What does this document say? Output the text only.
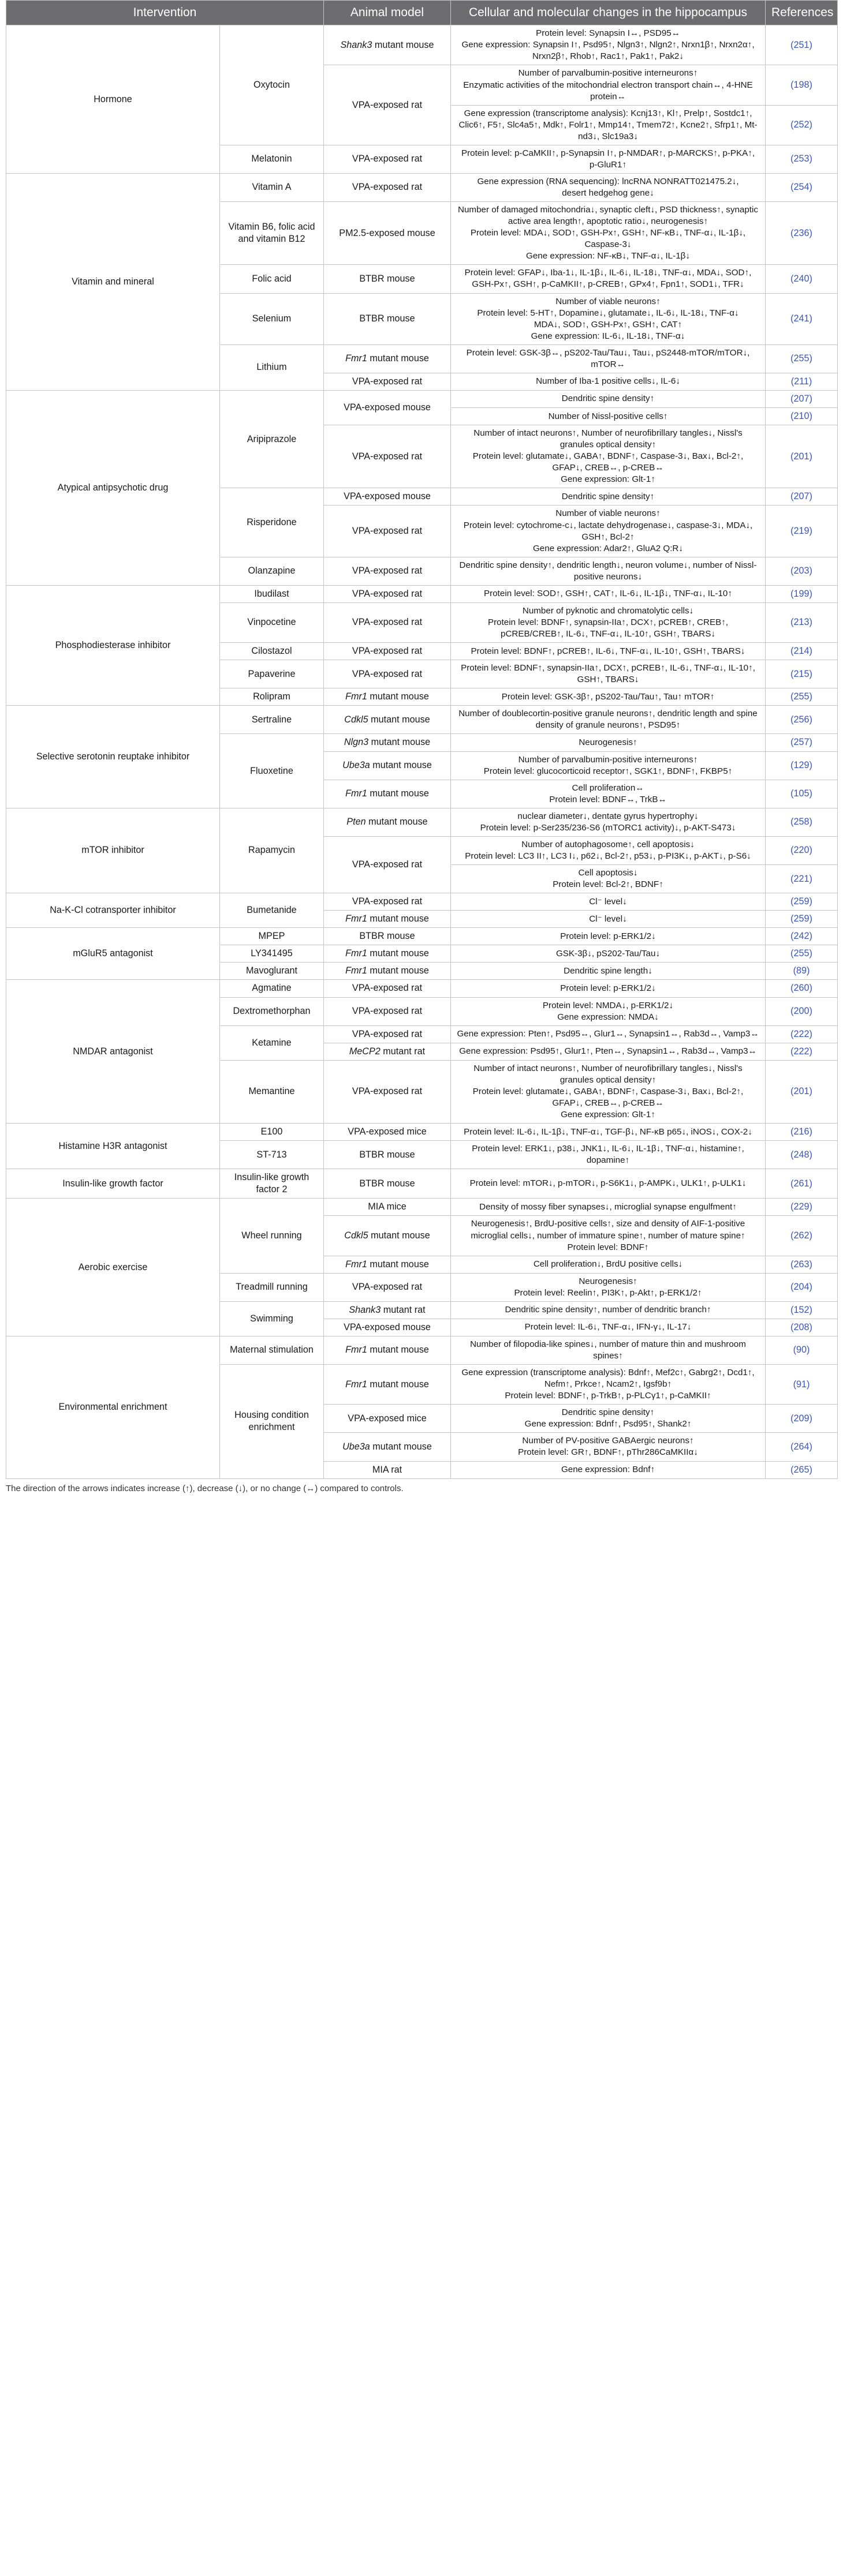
Intervention		Animal model	Cellular and molecular changes in the hippocampus	References
Hormone	Oxytocin	Shank3 mutant mouse	Protein level: Synapsin I↔, PSD95↔
Gene expression: Synapsin I↑, Psd95↑, Nlgn3↑, Nlgn2↑, Nrxn1β↑, Nrxn2α↑, Nrxn2β↑, Rhob↑, Rac1↑, Pak1↑, Pak2↓	(251)
		VPA-exposed rat	Number of parvalbumin-positive interneurons↑
Enzymatic activities of the mitochondrial electron transport chain↔, 4-HNE protein↔	(198)

			Gene expression (transcriptome analysis): Kcnj13↑, Kl↑, Prelp↑, Sostdc1↑, Clic6↑, F5↑, Slc4a5↑, Mdk↑, Folr1↑, Mmp14↑, Tmem72↑, Kcne2↑, Sfrp1↑, Mt-nd3↓, Slc19a3↓	(252)
	Melatonin	VPA-exposed rat	Protein level: p-CaMKII↑, p-Synapsin I↑, p-NMDAR↑, p-MARCKS↑, p-PKA↑, p-GluR1↑	(253)
Vitamin and mineral	Vitamin A	VPA-exposed rat	Gene expression (RNA sequencing): lncRNA NONRATT021475.2↓,
desert hedgehog gene↓	(254)
	Vitamin B6, folic acid and vitamin B12	PM2.5-exposed mouse	Number of damaged mitochondria↓, synaptic cleft↓, PSD thickness↑, synaptic active area length↑, apoptotic ratio↓, neurogenesis↑
Protein level: MDA↓, SOD↑, GSH-Px↑, GSH↑, NF-κB↓, TNF-α↓, IL-1β↓, Caspase-3↓
Gene expression: NF-κB↓, TNF-α↓, IL-1β↓	(236)
	Folic acid	BTBR mouse	Protein level: GFAP↓, Iba-1↓, IL-1β↓, IL-6↓, IL-18↓, TNF-α↓, MDA↓, SOD↑, GSH-Px↑, GSH↑, p-CaMKII↑, p-CREB↑, GPx4↑, Fpn1↑, SOD1↓, TFR↓	(240)
	Selenium	BTBR mouse	Number of viable neurons↑
Protein level: 5-HT↑, Dopamine↓, glutamate↓, IL-6↓, IL-18↓, TNF-α↓
MDA↓, SOD↑, GSH-Px↑, GSH↑, CAT↑
Gene expression: IL-6↓, IL-18↓, TNF-α↓	(241)
	Lithium	Fmr1 mutant mouse	Protein level: GSK-3β↔, pS202-Tau/Tau↓, Tau↓, pS2448-mTOR/mTOR↓, mTOR↔	(255)
		VPA-exposed rat	Number of Iba-1 positive cells↓, IL-6↓	(211)
Atypical antipsychotic drug	Aripiprazole	VPA-exposed mouse	Dendritic spine density↑	(207)

			Number of Nissl-positive cells↑	(210)
		VPA-exposed rat	Number of intact neurons↑, Number of neurofibrillary tangles↓, Nissl's granules optical density↑
Protein level: glutamate↓, GABA↑, BDNF↑, Caspase-3↓, Bax↓, Bcl-2↑, GFAP↓, CREB↔, p-CREB↔
Gene expression: Glt-1↑	(201)
	Risperidone	VPA-exposed mouse	Dendritic spine density↑	(207)
		VPA-exposed rat	Number of viable neurons↑
Protein level: cytochrome-c↓, lactate dehydrogenase↓, caspase-3↓, MDA↓, GSH↑, Bcl-2↑
Gene expression: Adar2↑, GluA2 Q:R↓	(219)
	Olanzapine	VPA-exposed rat	Dendritic spine density↑, dendritic length↓, neuron volume↓, number of Nissl-positive neurons↓	(203)
Phosphodiesterase inhibitor	Ibudilast	VPA-exposed rat	Protein level: SOD↑, GSH↑, CAT↑, IL-6↓, IL-1β↓, TNF-α↓, IL-10↑	(199)
	Vinpocetine	VPA-exposed rat	Number of pyknotic and chromatolytic cells↓
Protein level: BDNF↑, synapsin-IIa↑, DCX↑, pCREB↑, CREB↑, pCREB/CREB↑, IL-6↓, TNF-α↓, IL-10↑, GSH↑, TBARS↓	(213)
	Cilostazol	VPA-exposed rat	Protein level: BDNF↑, pCREB↑, IL-6↓, TNF-α↓, IL-10↑, GSH↑, TBARS↓	(214)
	Papaverine	VPA-exposed rat	Protein level: BDNF↑, synapsin-IIa↑, DCX↑, pCREB↑, IL-6↓, TNF-α↓, IL-10↑, GSH↑, TBARS↓	(215)
	Rolipram	Fmr1 mutant mouse	Protein level: GSK-3β↑, pS202-Tau/Tau↑, Tau↑ mTOR↑	(255)
Selective serotonin reuptake inhibitor	Sertraline	Cdkl5 mutant mouse	Number of doublecortin-positive granule neurons↑, dendritic length and spine density of granule neurons↑, PSD95↑	(256)
	Fluoxetine	Nlgn3 mutant mouse	Neurogenesis↑	(257)
		Ube3a mutant mouse	Number of parvalbumin-positive interneurons↑
Protein level: glucocorticoid receptor↑, SGK1↑, BDNF↑, FKBP5↑	(129)
		Fmr1 mutant mouse	Cell proliferation↔
Protein level: BDNF↔, TrkB↔	(105)
mTOR inhibitor	Rapamycin	Pten mutant mouse	nuclear diameter↓, dentate gyrus hypertrophy↓
Protein level: p-Ser235/236-S6 (mTORC1 activity)↓, p-AKT-S473↓	(258)
		VPA-exposed rat	Number of autophagosome↑, cell apoptosis↓
Protein level: LC3 II↑, LC3 I↓, p62↓, Bcl-2↑, p53↓, p-PI3K↓, p-AKT↓, p-S6↓	(220)

			Cell apoptosis↓
Protein level: Bcl-2↑, BDNF↑	(221)
Na-K-Cl cotransporter inhibitor	Bumetanide	VPA-exposed rat	Cl⁻ level↓	(259)
		Fmr1 mutant mouse	Cl⁻ level↓	(259)
mGluR5 antagonist	MPEP	BTBR mouse	Protein level: p-ERK1/2↓	(242)
	LY341495	Fmr1 mutant mouse	GSK-3β↓, pS202-Tau/Tau↓	(255)
	Mavoglurant	Fmr1 mutant mouse	Dendritic spine length↓	(89)
NMDAR antagonist	Agmatine	VPA-exposed rat	Protein level: p-ERK1/2↓	(260)
	Dextromethorphan	VPA-exposed rat	Protein level: NMDA↓, p-ERK1/2↓
Gene expression: NMDA↓	(200)
	Ketamine	VPA-exposed rat	Gene expression: Pten↑, Psd95↔, Glur1↔, Synapsin1↔, Rab3d↔, Vamp3↔	(222)
		MeCP2 mutant rat	Gene expression: Psd95↑, Glur1↑, Pten↔, Synapsin1↔, Rab3d↔, Vamp3↔	(222)
	Memantine	VPA-exposed rat	Number of intact neurons↑, Number of neurofibrillary tangles↓, Nissl's granules optical density↑
Protein level: glutamate↓, GABA↑, BDNF↑, Caspase-3↓, Bax↓, Bcl-2↑, GFAP↓, CREB↔, p-CREB↔
Gene expression: Glt-1↑	(201)
Histamine H3R antagonist	E100	VPA-exposed mice	Protein level: IL-6↓, IL-1β↓, TNF-α↓, TGF-β↓, NF-κB p65↓, iNOS↓, COX-2↓	(216)
	ST-713	BTBR mouse	Protein level: ERK1↓, p38↓, JNK1↓, IL-6↓, IL-1β↓, TNF-α↓, histamine↑, dopamine↑	(248)
Insulin-like growth factor	Insulin-like growth factor 2	BTBR mouse	Protein level: mTOR↓, p-mTOR↓, p-S6K1↓, p-AMPK↓, ULK1↑, p-ULK1↓	(261)
Aerobic exercise	Wheel running	MIA mice	Density of mossy fiber synapses↓, microglial synapse engulfment↑	(229)
		Cdkl5 mutant mouse	Neurogenesis↑, BrdU-positive cells↑, size and density of AIF-1-positive microglial cells↓, number of immature spine↑, number of mature spine↑
Protein level: BDNF↑	(262)
		Fmr1 mutant mouse	Cell proliferation↓, BrdU positive cells↓	(263)
	Treadmill running	VPA-exposed rat	Neurogenesis↑
Protein level: Reelin↑, PI3K↑, p-Akt↑, p-ERK1/2↑	(204)
	Swimming	Shank3 mutant rat	Dendritic spine density↑, number of dendritic branch↑	(152)
		VPA-exposed mouse	Protein level: IL-6↓, TNF-α↓, IFN-γ↓, IL-17↓	(208)
Environmental enrichment	Maternal stimulation	Fmr1 mutant mouse	Number of filopodia-like spines↓, number of mature thin and mushroom spines↑	(90)
	Housing condition enrichment	Fmr1 mutant mouse	Gene expression (transcriptome analysis): Bdnf↑, Mef2c↑, Gabrg2↑, Dcd1↑, Nefm↑, Prkce↑, Ncam2↑, Igsf9b↑
Protein level: BDNF↑, p-TrkB↑, p-PLCγ1↑, p-CaMKII↑	(91)
		VPA-exposed mice	Dendritic spine density↑
Gene expression: Bdnf↑, Psd95↑, Shank2↑	(209)
		Ube3a mutant mouse	Number of PV-positive GABAergic neurons↑
Protein level: GR↑, BDNF↑, pThr286CaMKIIα↓	(264)
		MIA rat	Gene expression: Bdnf↑	(265)
The direction of the arrows indicates increase (↑), decrease (↓), or no change (↔) compared to controls.
